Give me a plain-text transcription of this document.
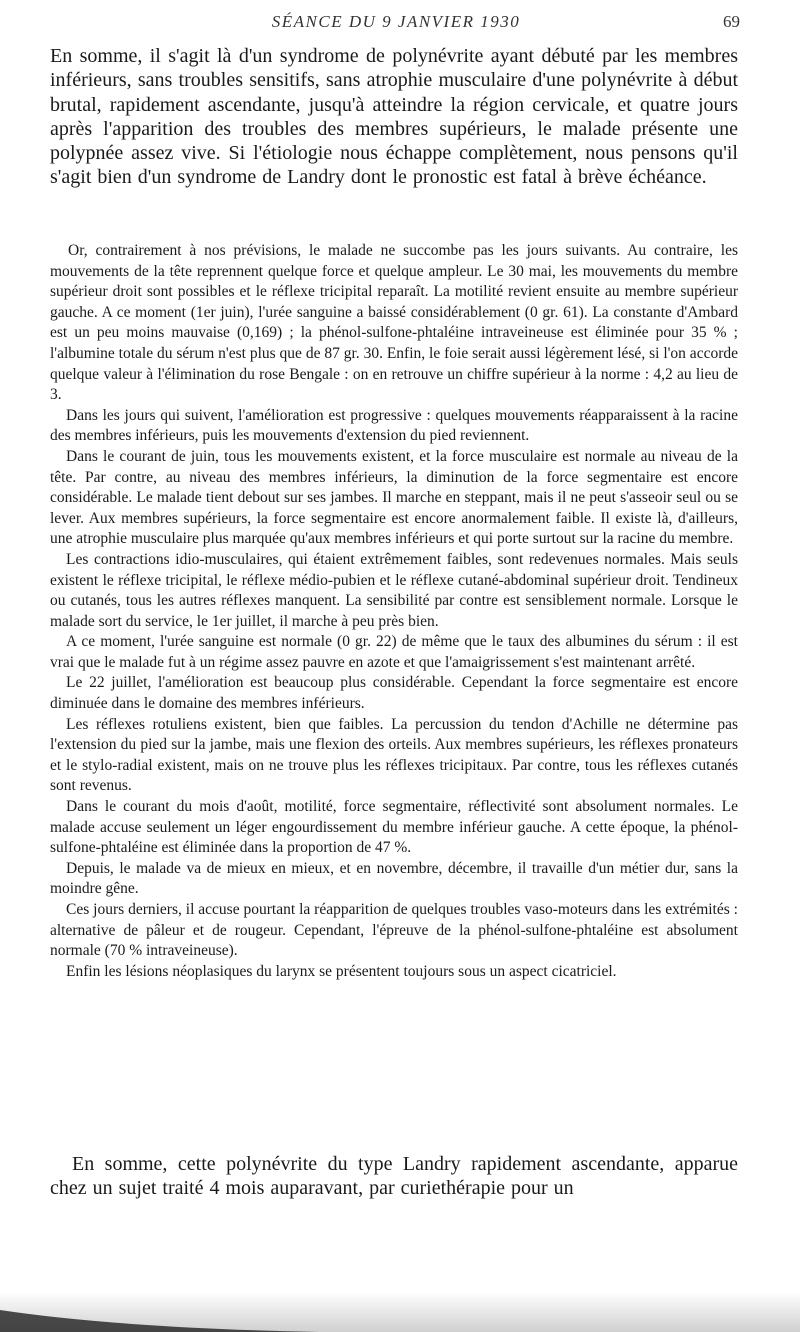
SÉANCE DU 9 JANVIER 1930	69

En somme, il s'agit là d'un syndrome de polynévrite ayant débuté par les membres inférieurs, sans troubles sensitifs, sans atrophie musculaire d'une polynévrite à début brutal, rapidement ascendante, jusqu'à atteindre la région cervicale, et quatre jours après l'apparition des troubles des membres supérieurs, le malade présente une polypnée assez vive. Si l'étiologie nous échappe complètement, nous pensons qu'il s'agit bien d'un syndrome de Landry dont le pronostic est fatal à brève échéance.

Or, contrairement à nos prévisions, le malade ne succombe pas les jours suivants. Au contraire, les mouvements de la tête reprennent quelque force et quelque ampleur. Le 30 mai, les mouvements du membre supérieur droit sont possibles et le réflexe tricipital reparaît. La motilité revient ensuite au membre supérieur gauche. A ce moment (1er juin), l'urée sanguine a baissé considérablement (0 gr. 61). La constante d'Ambard est un peu moins mauvaise (0,169) ; la phénol-sulfone-phtaléine intraveineuse est éliminée pour 35 % ; l'albumine totale du sérum n'est plus que de 87 gr. 30. Enfin, le foie serait aussi légèrement lésé, si l'on accorde quelque valeur à l'élimination du rose Bengale : on en retrouve un chiffre supérieur à la norme : 4,2 au lieu de 3.

Dans les jours qui suivent, l'amélioration est progressive : quelques mouvements réapparaissent à la racine des membres inférieurs, puis les mouvements d'extension du pied reviennent.

Dans le courant de juin, tous les mouvements existent, et la force musculaire est normale au niveau de la tête. Par contre, au niveau des membres inférieurs, la diminution de la force segmentaire est encore considérable. Le malade tient debout sur ses jambes. Il marche en steppant, mais il ne peut s'asseoir seul ou se lever. Aux membres supérieurs, la force segmentaire est encore anormalement faible. Il existe là, d'ailleurs, une atrophie musculaire plus marquée qu'aux membres inférieurs et qui porte surtout sur la racine du membre.

Les contractions idio-musculaires, qui étaient extrêmement faibles, sont redevenues normales. Mais seuls existent le réflexe tricipital, le réflexe médio-pubien et le réflexe cutané-abdominal supérieur droit. Tendineux ou cutanés, tous les autres réflexes manquent. La sensibilité par contre est sensiblement normale. Lorsque le malade sort du service, le 1er juillet, il marche à peu près bien.

A ce moment, l'urée sanguine est normale (0 gr. 22) de même que le taux des albumines du sérum : il est vrai que le malade fut à un régime assez pauvre en azote et que l'amaigrissement s'est maintenant arrêté.

Le 22 juillet, l'amélioration est beaucoup plus considérable. Cependant la force segmentaire est encore diminuée dans le domaine des membres inférieurs.

Les réflexes rotuliens existent, bien que faibles. La percussion du tendon d'Achille ne détermine pas l'extension du pied sur la jambe, mais une flexion des orteils. Aux membres supérieurs, les réflexes pronateurs et le stylo-radial existent, mais on ne trouve plus les réflexes tricipitaux. Par contre, tous les réflexes cutanés sont revenus.

Dans le courant du mois d'août, motilité, force segmentaire, réflectivité sont absolument normales. Le malade accuse seulement un léger engourdissement du membre inférieur gauche. A cette époque, la phénol-sulfone-phtaléine est éliminée dans la proportion de 47 %.

Depuis, le malade va de mieux en mieux, et en novembre, décembre, il travaille d'un métier dur, sans la moindre gêne.

Ces jours derniers, il accuse pourtant la réapparition de quelques troubles vaso-moteurs dans les extrémités : alternative de pâleur et de rougeur. Cependant, l'épreuve de la phénol-sulfone-phtaléine est absolument normale (70 % intraveineuse).

Enfin les lésions néoplasiques du larynx se présentent toujours sous un aspect cicatriciel.

En somme, cette polynévrite du type Landry rapidement ascendante, apparue chez un sujet traité 4 mois auparavant, par curiethérapie pour un
